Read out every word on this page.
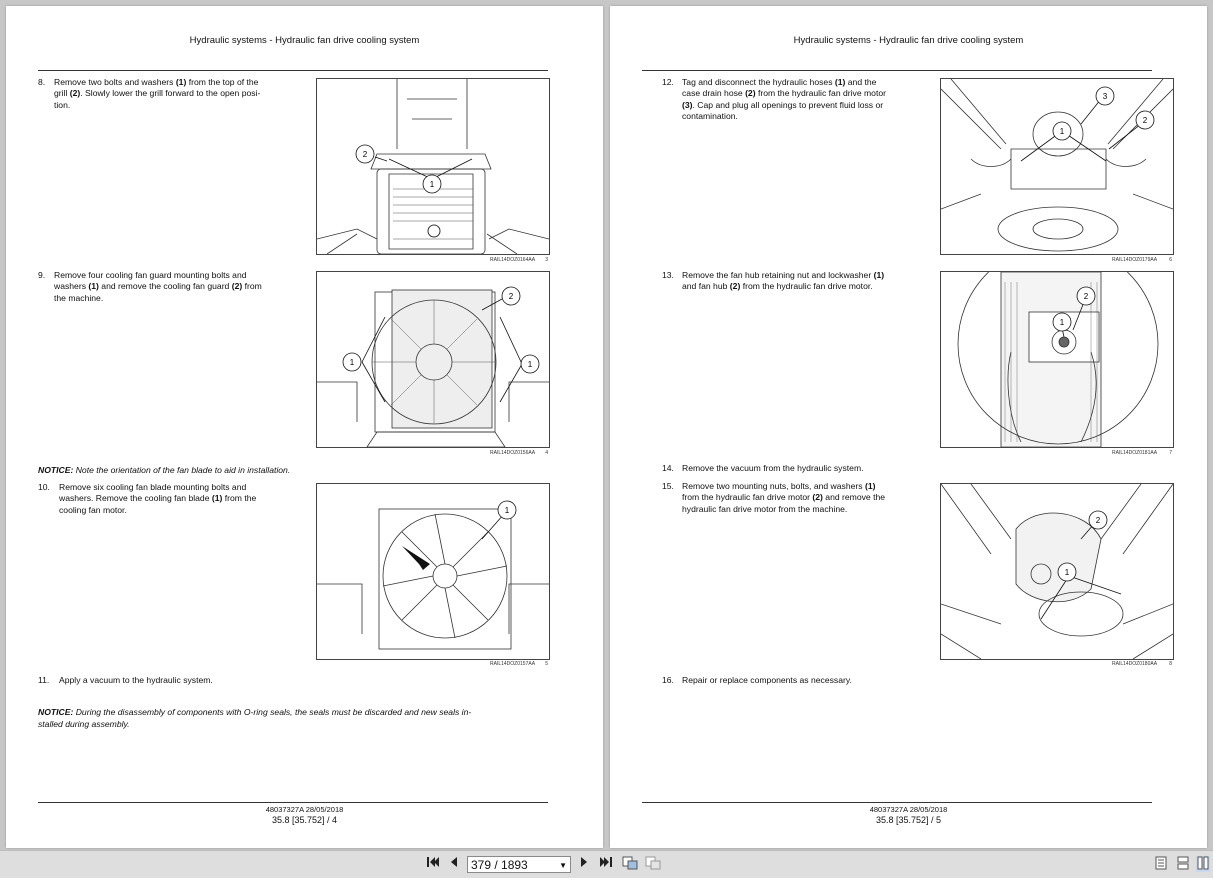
Hydraulic systems - Hydraulic fan drive cooling system
8. Remove two bolts and washers (1) from the top of the
grill (2). Slowly lower the grill forward to the open posi-
tion.
2
1
RAIL14DOZ0164AA 3
9. Remove four cooling fan guard mounting bolts and
washers (1) and remove the cooling fan guard (2) from
the machine.	2
1	1
RAIL14DOZ0156AA 4
NOTICE: Note the orientation of the fan blade to aid in installation.
10. Remove six cooling fan blade mounting bolts and
washers. Remove the cooling fan blade (1) from the
cooling fan motor.	1
RAIL14DOZ0157AA 5
11. Apply a vacuum to the hydraulic system.

NOTICE: During the disassembly of components with O-ring seals, the seals must be discarded and new seals in-
stalled during assembly.

48037327A 28/05/2018
35.8 [35.752] / 4
Hydraulic systems - Hydraulic fan drive cooling system
12. Tag and disconnect the hydraulic hoses (1) and the
case drain hose (2) from the hydraulic fan drive motor
(3). Cap and plug all openings to prevent fluid loss or
contamination.
3
2
1
RAIL14DOZ0179AA 6
13. Remove the fan hub retaining nut and lockwasher (1)
and fan hub (2) from the hydraulic fan drive motor.
2
1
RAIL14DOZ0181AA 7
14. Remove the vacuum from the hydraulic system.
15. Remove two mounting nuts, bolts, and washers (1)
from the hydraulic fan drive motor (2) and remove the
hydraulic fan drive motor from the machine.
2
1
RAIL14DOZ0180AA 8
16. Repair or replace components as necessary.
48037327A 28/05/2018
35.8 [35.752] / 5
379 / 1893	▼
